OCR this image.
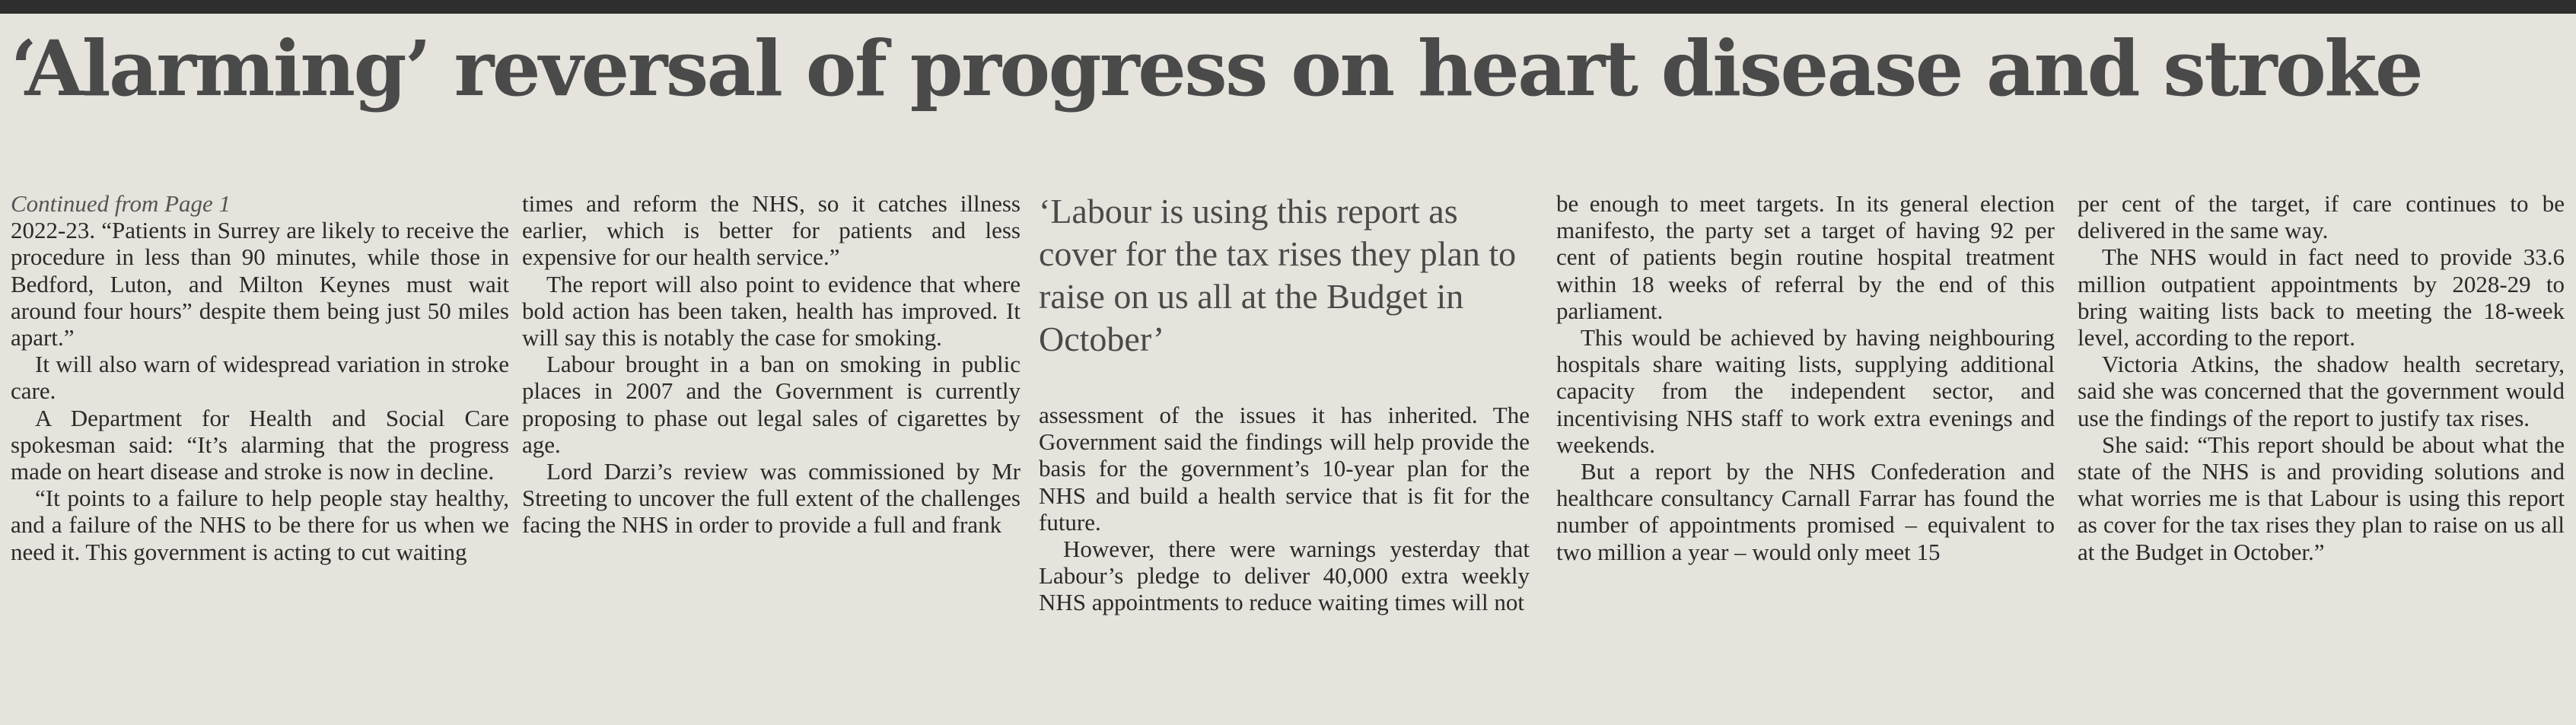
‘Alarming’ reversal of progress on heart disease and stroke

Continued from Page 1

2022-23. “Patients in Surrey are likely to receive the procedure in less than 90 minutes, while those in Bedford, Luton, and Milton Keynes must wait around four hours” despite them being just 50 miles apart.”

It will also warn of widespread variation in stroke care.

A Department for Health and Social Care spokesman said: “It’s alarming that the progress made on heart disease and stroke is now in decline.

“It points to a failure to help people stay healthy, and a failure of the NHS to be there for us when we need it. This government is acting to cut waiting

times and reform the NHS, so it catches illness earlier, which is better for patients and less expensive for our health service.”

The report will also point to evidence that where bold action has been taken, health has improved. It will say this is notably the case for smoking.

Labour brought in a ban on smoking in public places in 2007 and the Government is currently proposing to phase out legal sales of cigarettes by age.

Lord Darzi’s review was commissioned by Mr Streeting to uncover the full extent of the challenges facing the NHS in order to provide a full and frank

‘Labour is using this report as cover for the tax rises they plan to raise on us all at the Budget in October’

assessment of the issues it has inherited. The Government said the findings will help provide the basis for the government’s 10-year plan for the NHS and build a health service that is fit for the future.

However, there were warnings yesterday that Labour’s pledge to deliver 40,000 extra weekly NHS appointments to reduce waiting times will not

be enough to meet targets. In its general election manifesto, the party set a target of having 92 per cent of patients begin routine hospital treatment within 18 weeks of referral by the end of this parliament.

This would be achieved by having neighbouring hospitals share waiting lists, supplying additional capacity from the independent sector, and incentivising NHS staff to work extra evenings and weekends.

But a report by the NHS Confederation and healthcare consultancy Carnall Farrar has found the number of appointments promised – equivalent to two million a year – would only meet 15

per cent of the target, if care continues to be delivered in the same way.

The NHS would in fact need to provide 33.6 million outpatient appointments by 2028-29 to bring waiting lists back to meeting the 18-week level, according to the report.

Victoria Atkins, the shadow health secretary, said she was concerned that the government would use the findings of the report to justify tax rises.

She said: “This report should be about what the state of the NHS is and providing solutions and what worries me is that Labour is using this report as cover for the tax rises they plan to raise on us all at the Budget in October.”
